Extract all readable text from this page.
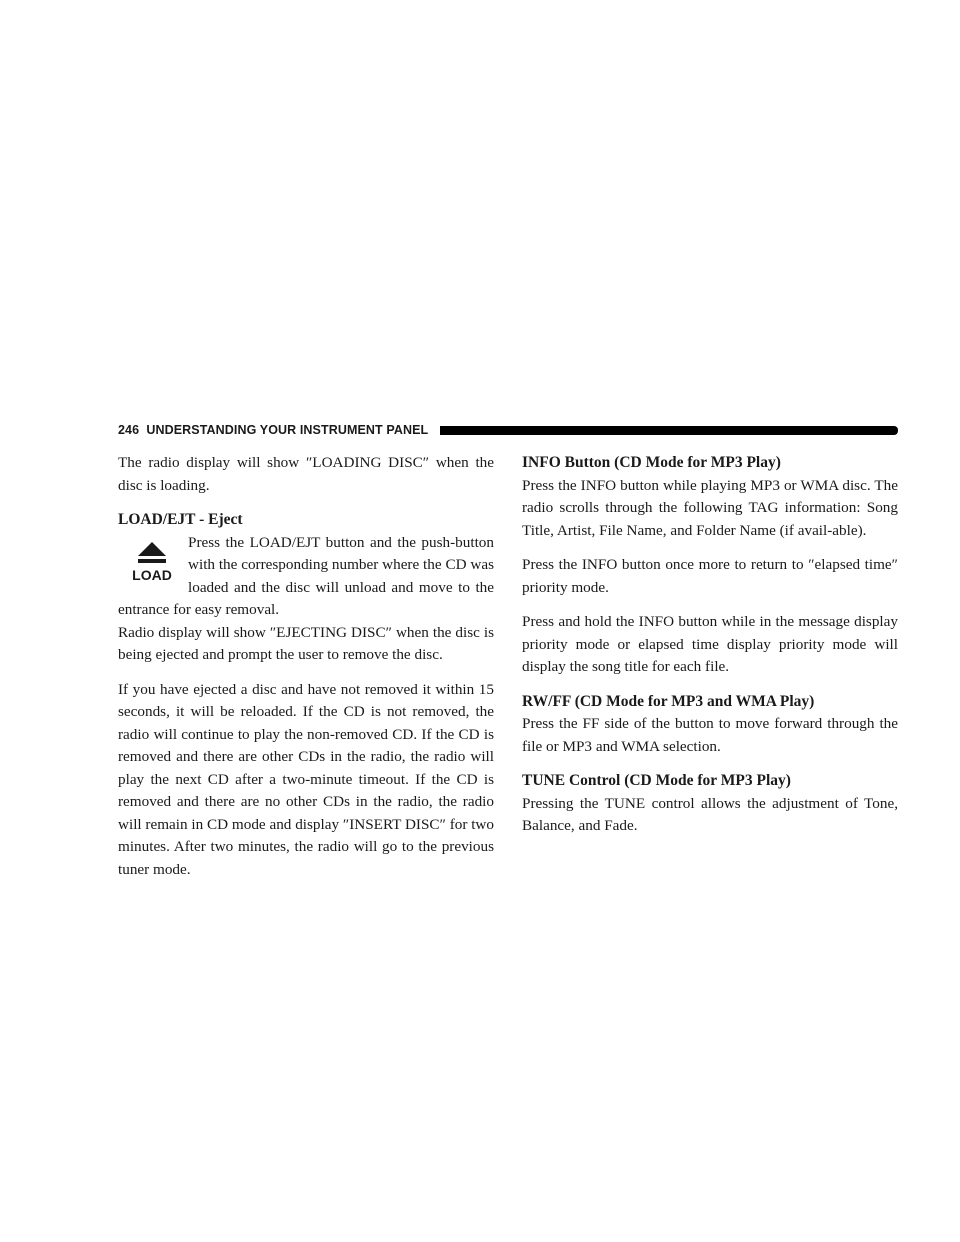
246 UNDERSTANDING YOUR INSTRUMENT PANEL

The radio display will show ″LOADING DISC″ when the disc is loading.

LOAD/EJT - Eject
LOAD

Press the LOAD/EJT button and the push-button with the corresponding number where the CD was loaded and the disc will unload and move to the entrance for easy removal.

Radio display will show ″EJECTING DISC″ when the disc is being ejected and prompt the user to remove the disc.

If you have ejected a disc and have not removed it within 15 seconds, it will be reloaded. If the CD is not removed, the radio will continue to play the non-removed CD. If the CD is removed and there are other CDs in the radio, the radio will play the next CD after a two-minute timeout. If the CD is removed and there are no other CDs in the radio, the radio will remain in CD mode and display ″INSERT DISC″ for two minutes. After two minutes, the radio will go to the previous tuner mode.

INFO Button (CD Mode for MP3 Play)

Press the INFO button while playing MP3 or WMA disc. The radio scrolls through the following TAG information: Song Title, Artist, File Name, and Folder Name (if avail-able).

Press the INFO button once more to return to ″elapsed time″ priority mode.

Press and hold the INFO button while in the message display priority mode or elapsed time display priority mode will display the song title for each file.

RW/FF (CD Mode for MP3 and WMA Play)

Press the FF side of the button to move forward through the file or MP3 and WMA selection.

TUNE Control (CD Mode for MP3 Play)

Pressing the TUNE control allows the adjustment of Tone, Balance, and Fade.
